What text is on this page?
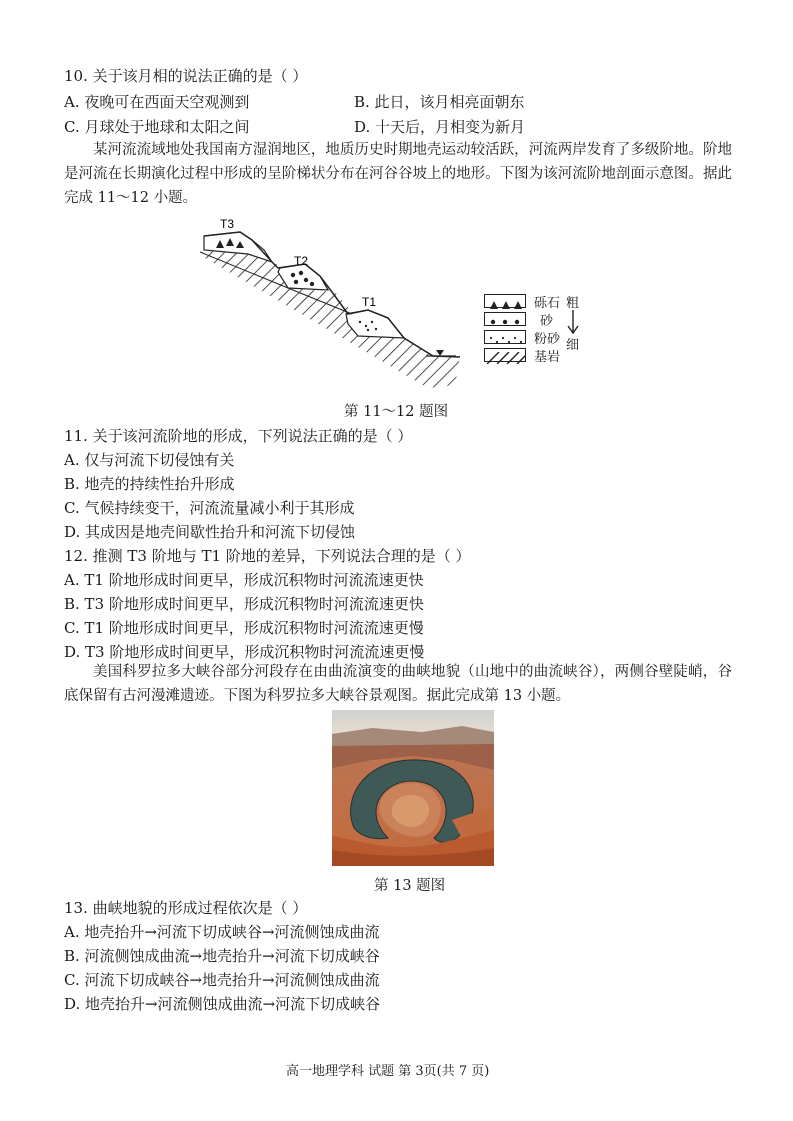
10. 关于该月相的说法正确的是（ ）
A. 夜晚可在西面天空观测到	B. 此日，该月相亮面朝东
C. 月球处于地球和太阳之间	D. 十天后，月相变为新月
某河流流域地处我国南方湿润地区，地质历史时期地壳运动较活跃，河流两岸发育了多级阶地。阶地是河流在长期演化过程中形成的呈阶梯状分布在河谷谷坡上的地形。下图为该河流阶地剖面示意图。据此完成 11～12 小题。
T3
T2
T1	砾石
砂
粉砂
基岩
粗
细
第 11～12 题图
11. 关于该河流阶地的形成，下列说法正确的是（ ）
A. 仅与河流下切侵蚀有关
B. 地壳的持续性抬升形成
C. 气候持续变干，河流流量减小利于其形成
D. 其成因是地壳间歇性抬升和河流下切侵蚀
12. 推测 T3 阶地与 T1 阶地的差异，下列说法合理的是（ ）
A. T1 阶地形成时间更早，形成沉积物时河流流速更快
B. T3 阶地形成时间更早，形成沉积物时河流流速更快
C. T1 阶地形成时间更早，形成沉积物时河流流速更慢
D. T3 阶地形成时间更早，形成沉积物时河流流速更慢
美国科罗拉多大峡谷部分河段存在由曲流演变的曲峡地貌（山地中的曲流峡谷），两侧谷壁陡峭，谷底保留有古河漫滩遗迹。下图为科罗拉多大峡谷景观图。据此完成第 13 小题。
第 13 题图
13. 曲峡地貌的形成过程依次是（ ）
A. 地壳抬升→河流下切成峡谷→河流侧蚀成曲流
B. 河流侧蚀成曲流→地壳抬升→河流下切成峡谷
C. 河流下切成峡谷→地壳抬升→河流侧蚀成曲流
D. 地壳抬升→河流侧蚀成曲流→河流下切成峡谷
高一地理学科 试题 第 3页(共 7 页)
